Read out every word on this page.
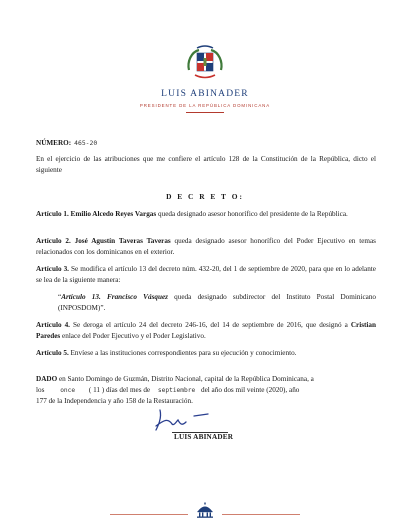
LUIS ABINADER
PRESIDENTE DE LA REPÚBLICA DOMINICANA
NÚMERO: 465-20
En el ejercicio de las atribuciones que me confiere el artículo 128 de la Constitución de la República, dicto el siguiente
D E C R E T O:
Artículo 1. Emilio Alcedo Reyes Vargas queda designado asesor honorífico del presidente de la República.
Artículo 2. José Agustín Taveras Taveras queda designado asesor honorífico del Poder Ejecutivo en temas relacionados con los dominicanos en el exterior.
Artículo 3. Se modifica el artículo 13 del decreto núm. 432-20, del 1 de septiembre de 2020, para que en lo adelante se lea de la siguiente manera:
“Artículo 13. Francisco Vásquez queda designado subdirector del Instituto Postal Dominicano (INPOSDOM)”.
Artículo 4. Se deroga el artículo 24 del decreto 246-16, del 14 de septiembre de 2016, que designó a Cristian Paredes enlace del Poder Ejecutivo y el Poder Legislativo.
Artículo 5. Envíese a las instituciones correspondientes para su ejecución y conocimiento.
DADO en Santo Domingo de Guzmán, Distrito Nacional, capital de la República Dominicana, a
los	once ( 11 ) días del mes de septiembre del año dos mil veinte (2020), año
177 de la Independencia y año 158 de la Restauración.
LUIS ABINADER
